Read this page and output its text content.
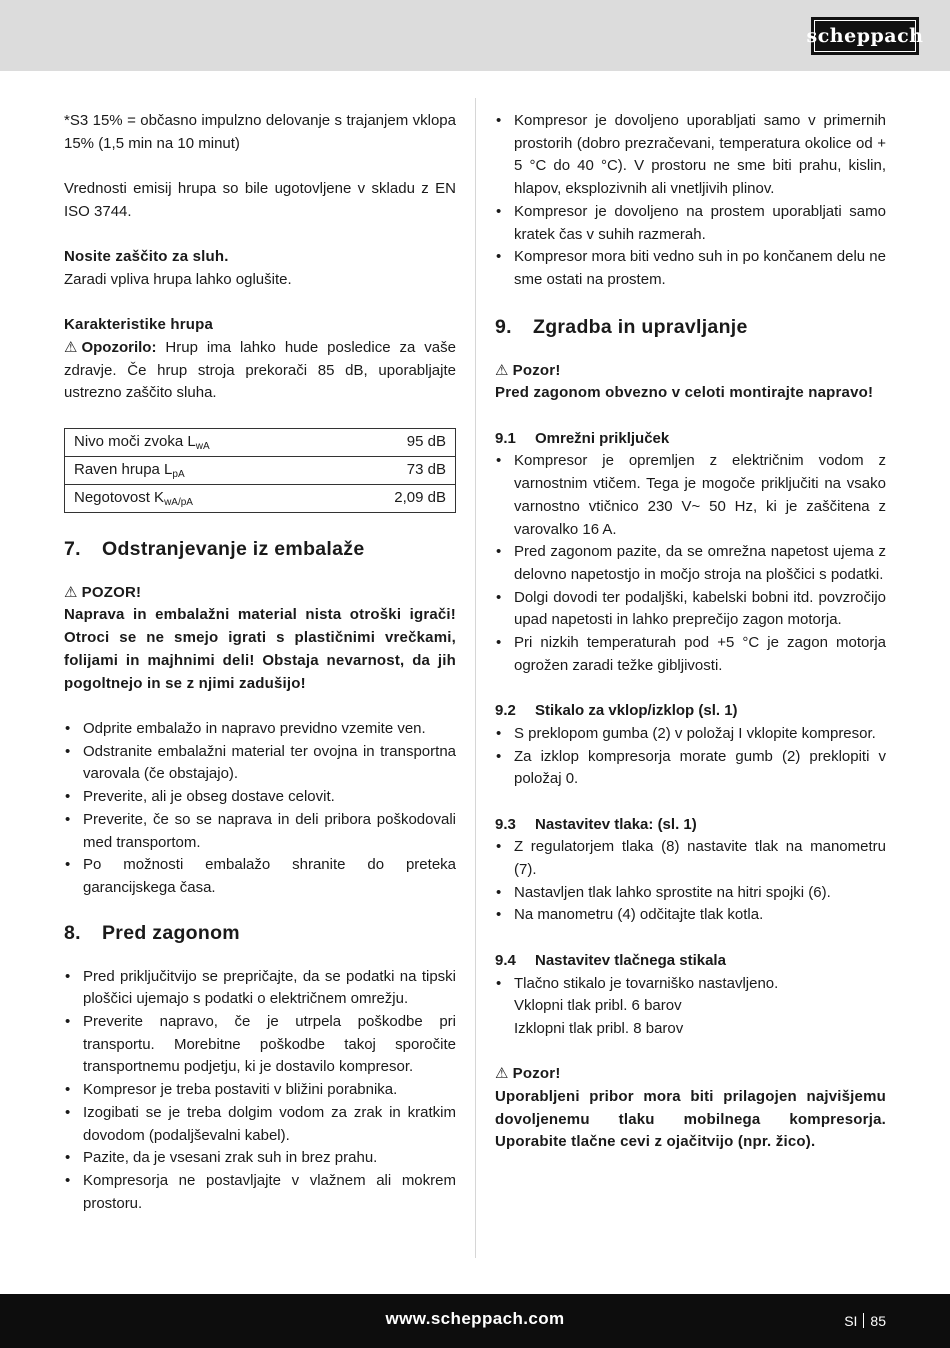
scheppach

*S3 15% = občasno impulzno delovanje s trajanjem vklopa 15% (1,5 min na 10 minut)

Vrednosti emisij hrupa so bile ugotovljene v skladu z EN ISO 3744.

Nosite zaščito za sluh.

Zaradi vpliva hrupa lahko oglušite.

Karakteristike hrupa

⚠ Opozorilo: Hrup ima lahko hude posledice za vaše zdravje. Če hrup stroja prekorači 85 dB, uporabljajte ustrezno zaščito sluha.

Nivo moči zvoka $L_{wA}$	95 dB
Raven hrupa $L_{pA}$	73 dB
Negotovost $K_{wA/pA}$	2,09 dB
7.	Odstranjevanje iz embalaže

⚠ POZOR!

Naprava in embalažni material nista otroški igrači! Otroci se ne smejo igrati s plastičnimi vrečkami, folijami in majhnimi deli! Obstaja nevarnost, da jih pogoltnejo in se z njimi zadušijo!

• Odprite embalažo in napravo previdno vzemite ven.
• Odstranite embalažni material ter ovojna in transportna varovala (če obstajajo).
• Preverite, ali je obseg dostave celovit.
• Preverite, če so se naprava in deli pribora poškodovali med transportom.
• Po možnosti embalažo shranite do preteka garancijskega časa.
8.	Pred zagonom
• Pred priključitvijo se prepričajte, da se podatki na tipski ploščici ujemajo s podatki o električnem omrežju.
• Preverite napravo, če je utrpela poškodbe pri transportu. Morebitne poškodbe takoj sporočite transportnemu podjetju, ki je dostavilo kompresor.
• Kompresor je treba postaviti v bližini porabnika.
• Izogibati se je treba dolgim vodom za zrak in kratkim dovodom (podaljševalni kabel).
• Pazite, da je vsesani zrak suh in brez prahu.
• Kompresorja ne postavljajte v vlažnem ali mokrem prostoru.
• Kompresor je dovoljeno uporabljati samo v primernih prostorih (dobro prezračevani, temperatura okolice od + 5 °C do 40 °C). V prostoru ne sme biti prahu, kislin, hlapov, eksplozivnih ali vnetljivih plinov.
• Kompresor je dovoljeno na prostem uporabljati samo kratek čas v suhih razmerah.
• Kompresor mora biti vedno suh in po končanem delu ne sme ostati na prostem.
9.	Zgradba in upravljanje

⚠ Pozor!

Pred zagonom obvezno v celoti montirajte napravo!

9.1	Omrežni priključek
• Kompresor je opremljen z električnim vodom z varnostnim vtičem. Tega je mogoče priključiti na vsako varnostno vtičnico 230 V~ 50 Hz, ki je zaščitena z varovalko 16 A.
• Pred zagonom pazite, da se omrežna napetost ujema z delovno napetostjo in močjo stroja na ploščici s podatki.
• Dolgi dovodi ter podaljški, kabelski bobni itd. povzročijo upad napetosti in lahko preprečijo zagon motorja.
• Pri nizkih temperaturah pod +5 °C je zagon motorja ogrožen zaradi težke gibljivosti.
9.2	Stikalo za vklop/izklop (sl. 1)
• S preklopom gumba (2) v položaj I vklopite kompresor.
• Za izklop kompresorja morate gumb (2) preklopiti v položaj 0.
9.3	Nastavitev tlaka: (sl. 1)
• Z regulatorjem tlaka (8) nastavite tlak na manometru (7).
• Nastavljen tlak lahko sprostite na hitri spojki (6).
• Na manometru (4) odčitajte tlak kotla.
9.4	Nastavitev tlačnega stikala
• Tlačno stikalo je tovarniško nastavljeno.
Vklopni tlak pribl. 6 barov
Izklopni tlak pribl. 8 barov

⚠ Pozor!

Uporabljeni pribor mora biti prilagojen najvišjemu dovoljenemu tlaku mobilnega kompresorja. Uporabite tlačne cevi z ojačitvijo (npr. žico).

www.scheppach.com	SI 85
